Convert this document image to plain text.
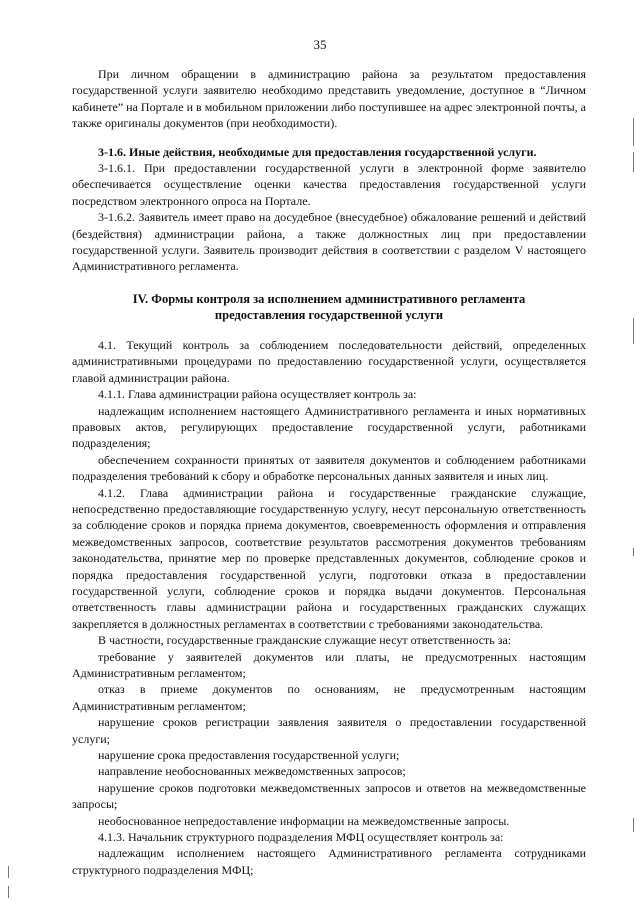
35

При личном обращении в администрацию района за результатом предоставления государственной услуги заявителю необходимо представить уведомление, доступное в “Личном кабинете” на Портале и в мобильном приложении либо поступившее на адрес электронной почты, а также оригиналы документов (при необходимости).

3-1.6. Иные действия, необходимые для предоставления государственной услуги.

3-1.6.1. При предоставлении государственной услуги в электронной форме заявителю обеспечивается осуществление оценки качества предоставления государственной услуги посредством электронного опроса на Портале.

3-1.6.2. Заявитель имеет право на досудебное (внесудебное) обжалование решений и действий (бездействия) администрации района, а также должностных лиц при предоставлении государственной услуги. Заявитель производит действия в соответствии с разделом V настоящего Административного регламента.

IV. Формы контроля за исполнением административного регламента
предоставления государственной услуги

4.1. Текущий контроль за соблюдением последовательности действий, определенных административными процедурами по предоставлению государственной услуги, осуществляется главой администрации района.

4.1.1. Глава администрации района осуществляет контроль за:

надлежащим исполнением настоящего Административного регламента и иных нормативных правовых актов, регулирующих предоставление государственной услуги, работниками подразделения;

обеспечением сохранности принятых от заявителя документов и соблюдением работниками подразделения требований к сбору и обработке персональных данных заявителя и иных лиц.

4.1.2. Глава администрации района и государственные гражданские служащие, непосредственно предоставляющие государственную услугу, несут персональную ответственность за соблюдение сроков и порядка приема документов, своевременность оформления и отправления межведомственных запросов, соответствие результатов рассмотрения документов требованиям законодательства, принятие мер по проверке представленных документов, соблюдение сроков и порядка предоставления государственной услуги, подготовки отказа в предоставлении государственной услуги, соблюдение сроков и порядка выдачи документов. Персональная ответственность главы администрации района и государственных гражданских служащих закрепляется в должностных регламентах в соответствии с требованиями законодательства.

В частности, государственные гражданские служащие несут ответственность за:

требование у заявителей документов или платы, не предусмотренных настоящим Административным регламентом;

отказ в приеме документов по основаниям, не предусмотренным настоящим Административным регламентом;

нарушение сроков регистрации заявления заявителя о предоставлении государственной услуги;

нарушение срока предоставления государственной услуги;

направление необоснованных межведомственных запросов;

нарушение сроков подготовки межведомственных запросов и ответов на межведомственные запросы;

необоснованное непредоставление информации на межведомственные запросы.

4.1.3. Начальник структурного подразделения МФЦ осуществляет контроль за:

надлежащим исполнением настоящего Административного регламента сотрудниками структурного подразделения МФЦ;
